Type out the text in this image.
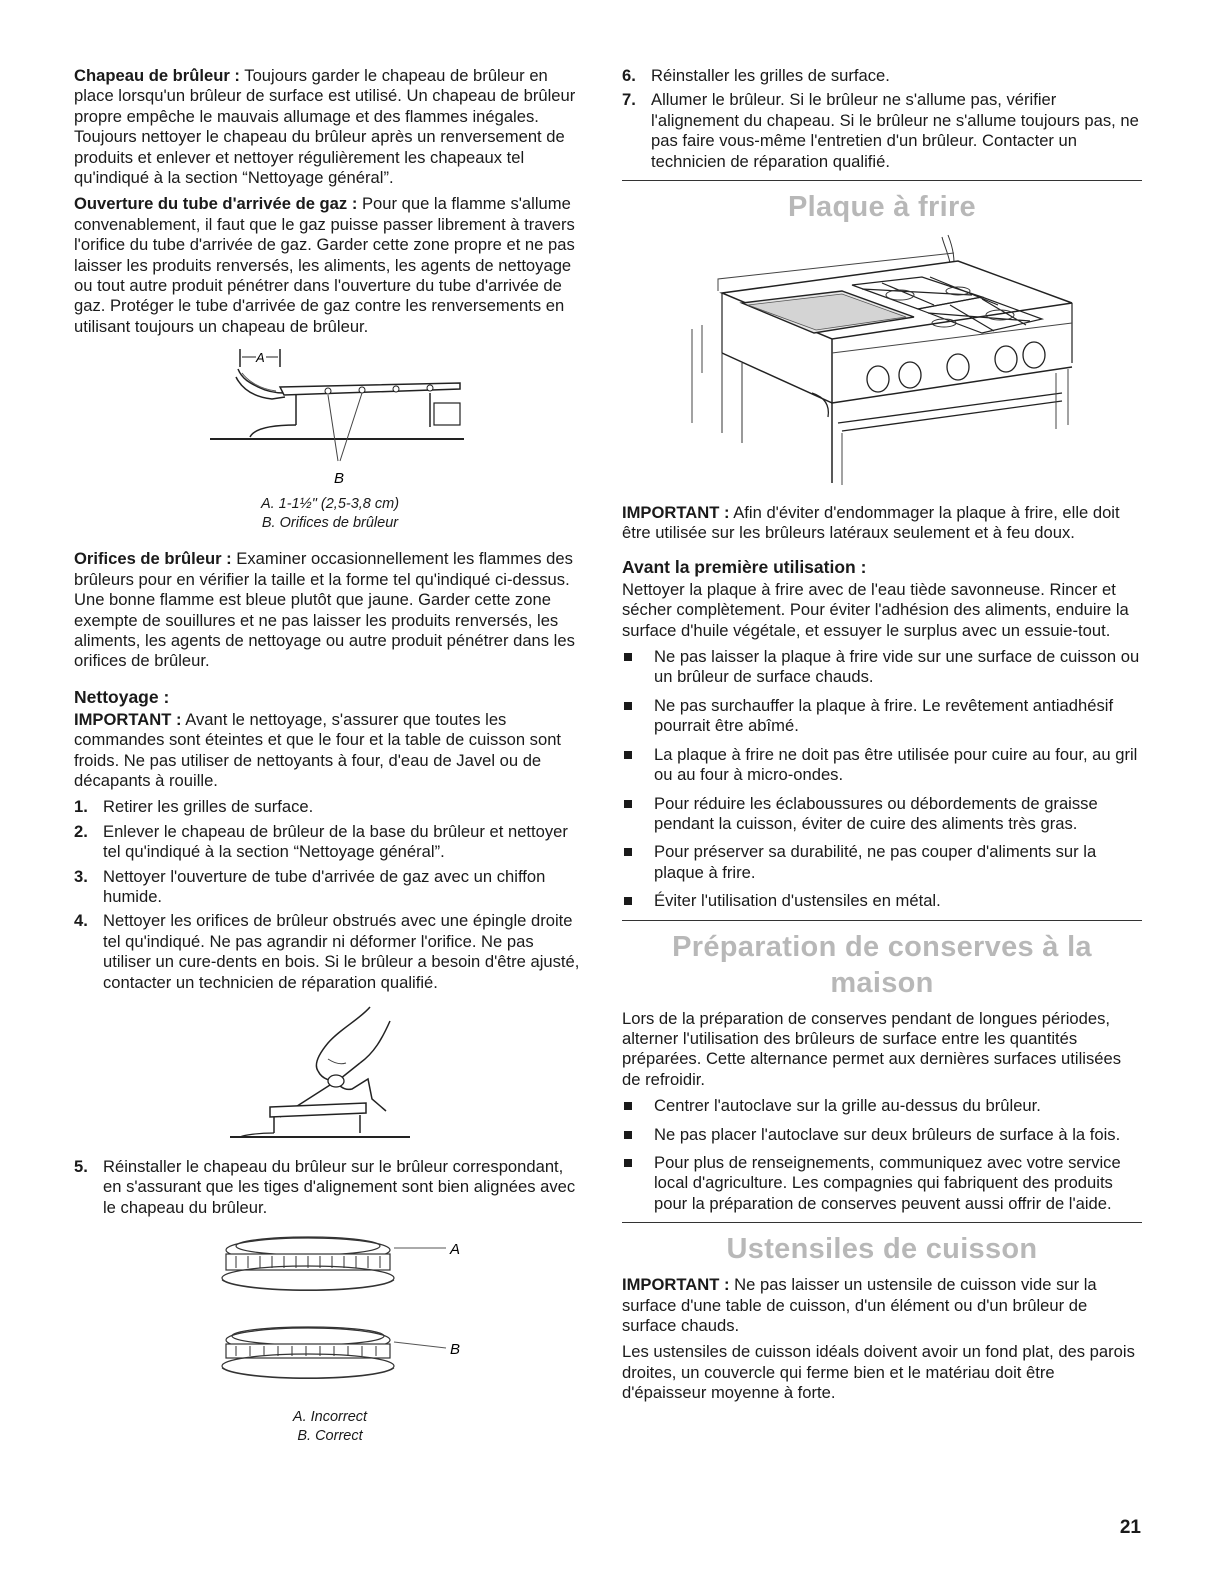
Chapeau de brûleur : Toujours garder le chapeau de brûleur en place lorsqu'un brûleur de surface est utilisé. Un chapeau de brûleur propre empêche le mauvais allumage et des flammes inégales. Toujours nettoyer le chapeau du brûleur après un renversement de produits et enlever et nettoyer régulièrement les chapeaux tel qu'indiqué à la section “Nettoyage général”.

Ouverture du tube d'arrivée de gaz : Pour que la flamme s'allume convenablement, il faut que le gaz puisse passer librement à travers l'orifice du tube d'arrivée de gaz. Garder cette zone propre et ne pas laisser les produits renversés, les aliments, les agents de nettoyage ou tout autre produit pénétrer dans l'ouverture du tube d'arrivée de gaz. Protéger le tube d'arrivée de gaz contre les renversements en utilisant toujours un chapeau de brûleur.

A
B

A. 1-1½" (2,5-3,8 cm)

B. Orifices de brûleur

Orifices de brûleur : Examiner occasionnellement les flammes des brûleurs pour en vérifier la taille et la forme tel qu'indiqué ci-dessus. Une bonne flamme est bleue plutôt que jaune. Garder cette zone exempte de souillures et ne pas laisser les produits renversés, les aliments, les agents de nettoyage ou autre produit pénétrer dans les orifices de brûleur.

Nettoyage :

IMPORTANT : Avant le nettoyage, s'assurer que toutes les commandes sont éteintes et que le four et la table de cuisson sont froids. Ne pas utiliser de nettoyants à four, d'eau de Javel ou de décapants à rouille.

1. Retirer les grilles de surface.
2. Enlever le chapeau de brûleur de la base du brûleur et nettoyer tel qu'indiqué à la section “Nettoyage général”.
3. Nettoyer l'ouverture de tube d'arrivée de gaz avec un chiffon humide.
4. Nettoyer les orifices de brûleur obstrués avec une épingle droite tel qu'indiqué. Ne pas agrandir ni déformer l'orifice. Ne pas utiliser un cure-dents en bois. Si le brûleur a besoin d'être ajusté, contacter un technicien de réparation qualifié.
5. Réinstaller le chapeau du brûleur sur le brûleur correspondant, en s'assurant que les tiges d'alignement sont bien alignées avec le chapeau du brûleur.
A
B

A. Incorrect

B. Correct

6. Réinstaller les grilles de surface.
7. Allumer le brûleur. Si le brûleur ne s'allume pas, vérifier l'alignement du chapeau. Si le brûleur ne s'allume toujours pas, ne pas faire vous-même l'entretien d'un brûleur. Contacter un technicien de réparation qualifié.
Plaque à frire

IMPORTANT : Afin d'éviter d'endommager la plaque à frire, elle doit être utilisée sur les brûleurs latéraux seulement et à feu doux.

Avant la première utilisation :

Nettoyer la plaque à frire avec de l'eau tiède savonneuse. Rincer et sécher complètement. Pour éviter l'adhésion des aliments, enduire la surface d'huile végétale, et essuyer le surplus avec un essuie-tout.

Ne pas laisser la plaque à frire vide sur une surface de cuisson ou un brûleur de surface chauds.
Ne pas surchauffer la plaque à frire. Le revêtement antiadhésif pourrait être abîmé.
La plaque à frire ne doit pas être utilisée pour cuire au four, au gril ou au four à micro-ondes.
Pour réduire les éclaboussures ou débordements de graisse pendant la cuisson, éviter de cuire des aliments très gras.
Pour préserver sa durabilité, ne pas couper d'aliments sur la plaque à frire.
Éviter l'utilisation d'ustensiles en métal.
Préparation de conserves à la maison

Lors de la préparation de conserves pendant de longues périodes, alterner l'utilisation des brûleurs de surface entre les quantités préparées. Cette alternance permet aux dernières surfaces utilisées de refroidir.

Centrer l'autoclave sur la grille au-dessus du brûleur.
Ne pas placer l'autoclave sur deux brûleurs de surface à la fois.
Pour plus de renseignements, communiquez avec votre service local d'agriculture. Les compagnies qui fabriquent des produits pour la préparation de conserves peuvent aussi offrir de l'aide.
Ustensiles de cuisson

IMPORTANT : Ne pas laisser un ustensile de cuisson vide sur la surface d'une table de cuisson, d'un élément ou d'un brûleur de surface chauds.

Les ustensiles de cuisson idéals doivent avoir un fond plat, des parois droites, un couvercle qui ferme bien et le matériau doit être d'épaisseur moyenne à forte.

21
